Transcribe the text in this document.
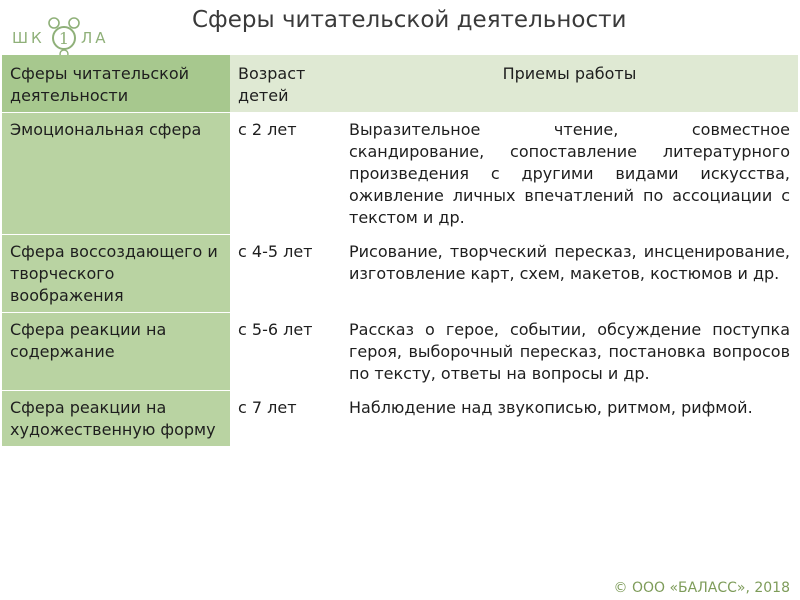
ШК 1 ЛА
Сферы читательской деятельности
Сферы читательской деятельности	Возраст детей	Приемы работы
Эмоциональная сфера	с 2 лет	Выразительное чтение, совместное скандирование, сопоставление литературного произведения с другими видами искусства, оживление личных впечатлений по ассоциации с текстом и др.
Сфера воссоздающего и творческого воображения	с 4-5 лет	Рисование, творческий пересказ, инсценирование, изготовление карт, схем, макетов, костюмов и др.
Сфера реакции на содержание	с 5-6 лет	Рассказ о герое, событии, обсуждение поступка героя, выборочный пересказ, постановка вопросов по тексту, ответы на вопросы и др.
Сфера реакции на художественную форму	с 7 лет	Наблюдение над звукописью, ритмом, рифмой.
© ООО «БАЛАСС», 2018
